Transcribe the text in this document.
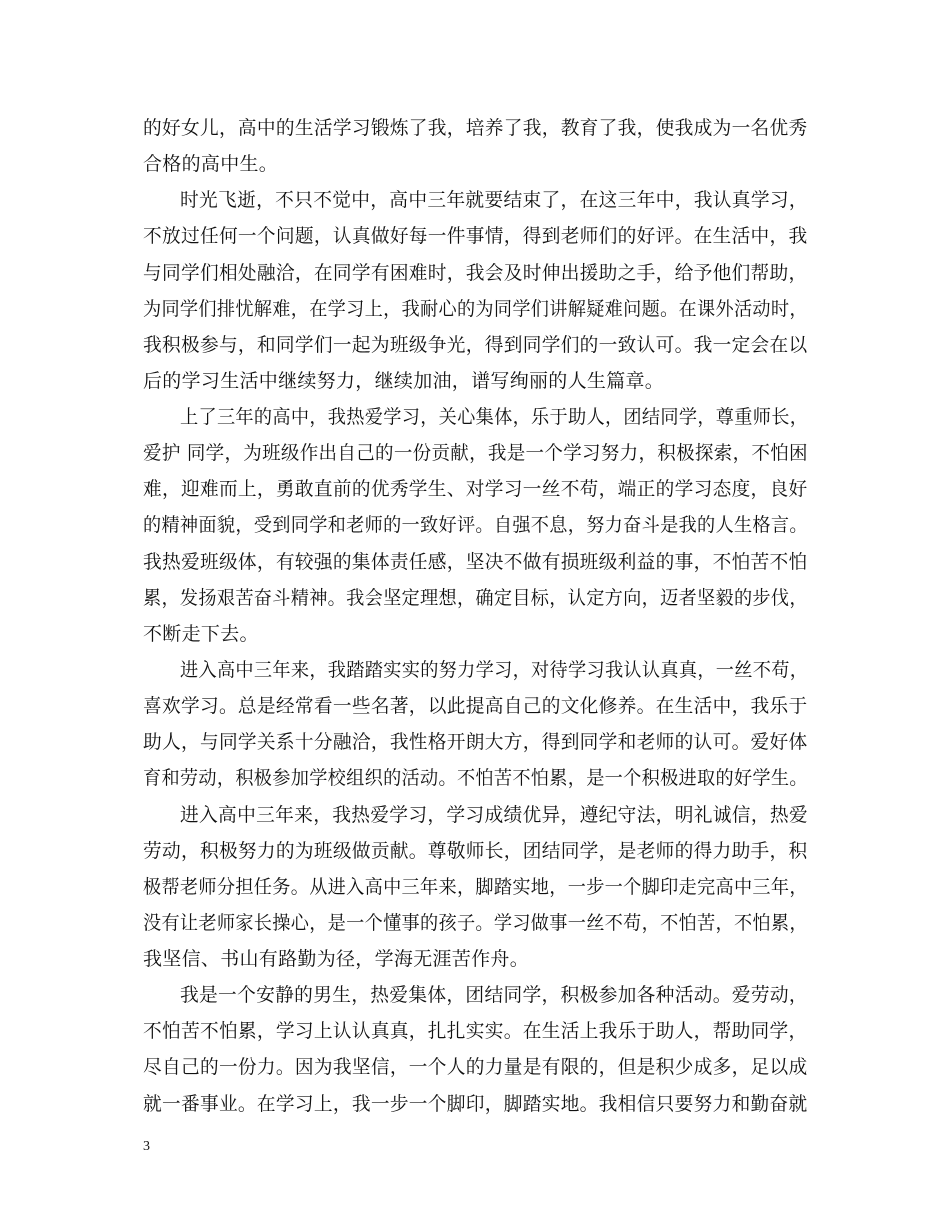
的好女儿，高中的生活学习锻炼了我，培养了我，教育了我，使我成为一名优秀
合格的高中生。
时光飞逝，不只不觉中，高中三年就要结束了，在这三年中，我认真学习，
不放过任何一个问题，认真做好每一件事情，得到老师们的好评。在生活中，我
与同学们相处融洽，在同学有困难时，我会及时伸出援助之手，给予他们帮助，
为同学们排忧解难，在学习上，我耐心的为同学们讲解疑难问题。在课外活动时，
我积极参与，和同学们一起为班级争光，得到同学们的一致认可。我一定会在以
后的学习生活中继续努力，继续加油，谱写绚丽的人生篇章。
上了三年的高中，我热爱学习，关心集体，乐于助人，团结同学，尊重师长，
爱护 同学，为班级作出自己的一份贡献，我是一个学习努力，积极探索，不怕困
难，迎难而上，勇敢直前的优秀学生、对学习一丝不苟，端正的学习态度，良好
的精神面貌，受到同学和老师的一致好评。自强不息，努力奋斗是我的人生格言。
我热爱班级体，有较强的集体责任感，坚决不做有损班级利益的事，不怕苦不怕
累，发扬艰苦奋斗精神。我会坚定理想，确定目标，认定方向，迈者坚毅的步伐，
不断走下去。
进入高中三年来，我踏踏实实的努力学习，对待学习我认认真真，一丝不苟，
喜欢学习。总是经常看一些名著，以此提高自己的文化修养。在生活中，我乐于
助人，与同学关系十分融洽，我性格开朗大方，得到同学和老师的认可。爱好体
育和劳动，积极参加学校组织的活动。不怕苦不怕累，是一个积极进取的好学生。
进入高中三年来，我热爱学习，学习成绩优异，遵纪守法，明礼诚信，热爱
劳动，积极努力的为班级做贡献。尊敬师长，团结同学，是老师的得力助手，积
极帮老师分担任务。从进入高中三年来，脚踏实地，一步一个脚印走完高中三年，
没有让老师家长操心，是一个懂事的孩子。学习做事一丝不苟，不怕苦，不怕累，
我坚信、书山有路勤为径，学海无涯苦作舟。
我是一个安静的男生，热爱集体，团结同学，积极参加各种活动。爱劳动，
不怕苦不怕累，学习上认认真真，扎扎实实。在生活上我乐于助人，帮助同学，
尽自己的一份力。因为我坚信，一个人的力量是有限的，但是积少成多，足以成
就一番事业。在学习上，我一步一个脚印，脚踏实地。我相信只要努力和勤奋就
3
